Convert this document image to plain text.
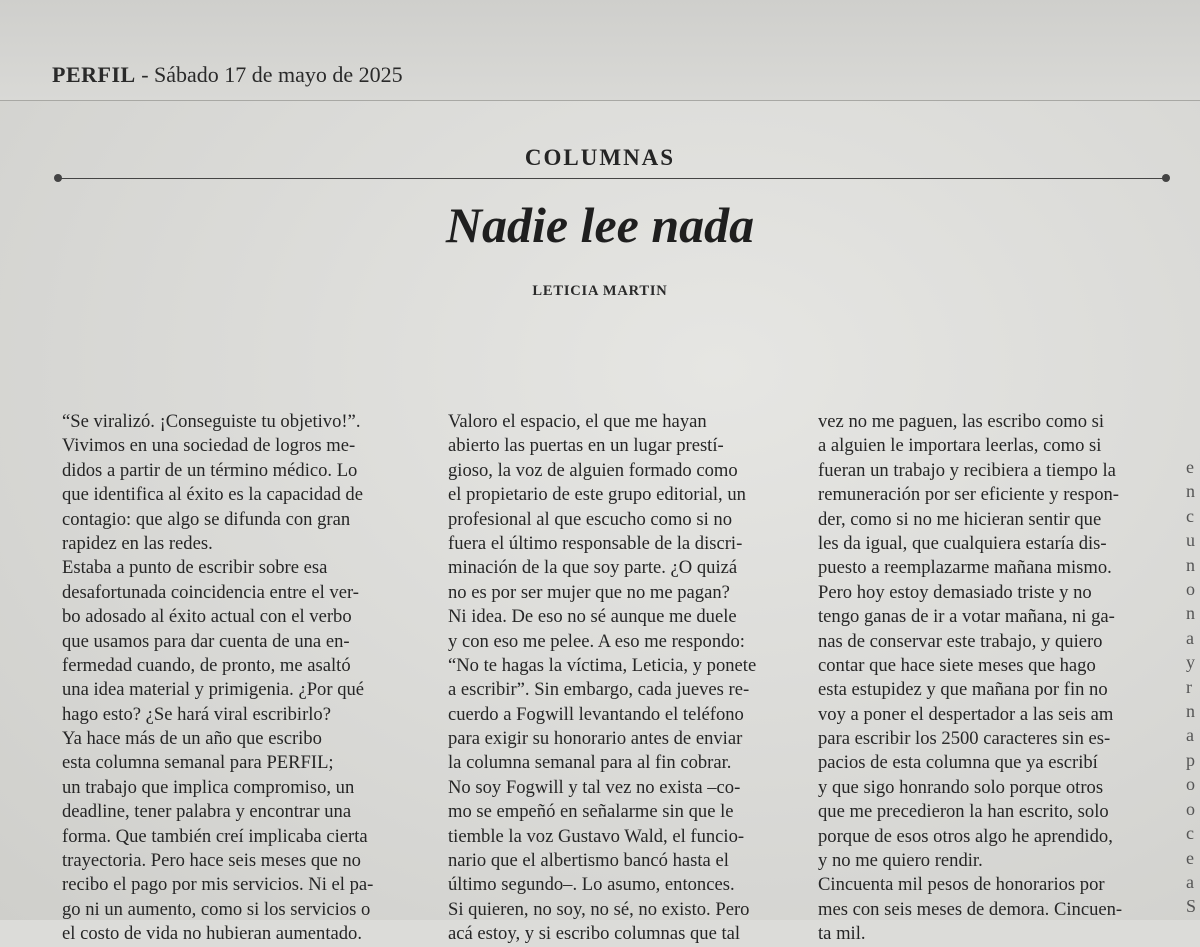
PERFIL - Sábado 17 de mayo de 2025
COLUMNAS
Nadie lee nada
LETICIA MARTIN
“Se viralizó. ¡Conseguiste tu objetivo!”.
Vivimos en una sociedad de logros me-
didos a partir de un término médico. Lo
que identifica al éxito es la capacidad de
contagio: que algo se difunda con gran
rapidez en las redes.
Estaba a punto de escribir sobre esa
desafortunada coincidencia entre el ver-
bo adosado al éxito actual con el verbo
que usamos para dar cuenta de una en-
fermedad cuando, de pronto, me asaltó
una idea material y primigenia. ¿Por qué
hago esto? ¿Se hará viral escribirlo?
Ya hace más de un año que escribo
esta columna semanal para PERFIL;
un trabajo que implica compromiso, un
deadline, tener palabra y encontrar una
forma. Que también creí implicaba cierta
trayectoria. Pero hace seis meses que no
recibo el pago por mis servicios. Ni el pa-
go ni un aumento, como si los servicios o
el costo de vida no hubieran aumentado.
Valoro el espacio, el que me hayan
abierto las puertas en un lugar prestí-
gioso, la voz de alguien formado como
el propietario de este grupo editorial, un
profesional al que escucho como si no
fuera el último responsable de la discri-
minación de la que soy parte. ¿O quizá
no es por ser mujer que no me pagan?
Ni idea. De eso no sé aunque me duele
y con eso me pelee. A eso me respondo:
“No te hagas la víctima, Leticia, y ponete
a escribir”. Sin embargo, cada jueves re-
cuerdo a Fogwill levantando el teléfono
para exigir su honorario antes de enviar
la columna semanal para al fin cobrar.
No soy Fogwill y tal vez no exista –co-
mo se empeñó en señalarme sin que le
tiemble la voz Gustavo Wald, el funcio-
nario que el albertismo bancó hasta el
último segundo–. Lo asumo, entonces.
Si quieren, no soy, no sé, no existo. Pero
acá estoy, y si escribo columnas que tal
vez no me paguen, las escribo como si
a alguien le importara leerlas, como si
fueran un trabajo y recibiera a tiempo la
remuneración por ser eficiente y respon-
der, como si no me hicieran sentir que
les da igual, que cualquiera estaría dis-
puesto a reemplazarme mañana mismo.
Pero hoy estoy demasiado triste y no
tengo ganas de ir a votar mañana, ni ga-
nas de conservar este trabajo, y quiero
contar que hace siete meses que hago
esta estupidez y que mañana por fin no
voy a poner el despertador a las seis am
para escribir los 2500 caracteres sin es-
pacios de esta columna que ya escribí
y que sigo honrando solo porque otros
que me precedieron la han escrito, solo
porque de esos otros algo he aprendido,
y no me quiero rendir.
Cincuenta mil pesos de honorarios por
mes con seis meses de demora. Cincuen-
ta mil.
e
n
c
u
n
o
n
a
y
r
n
a
p
o
o
c
e
a
S
